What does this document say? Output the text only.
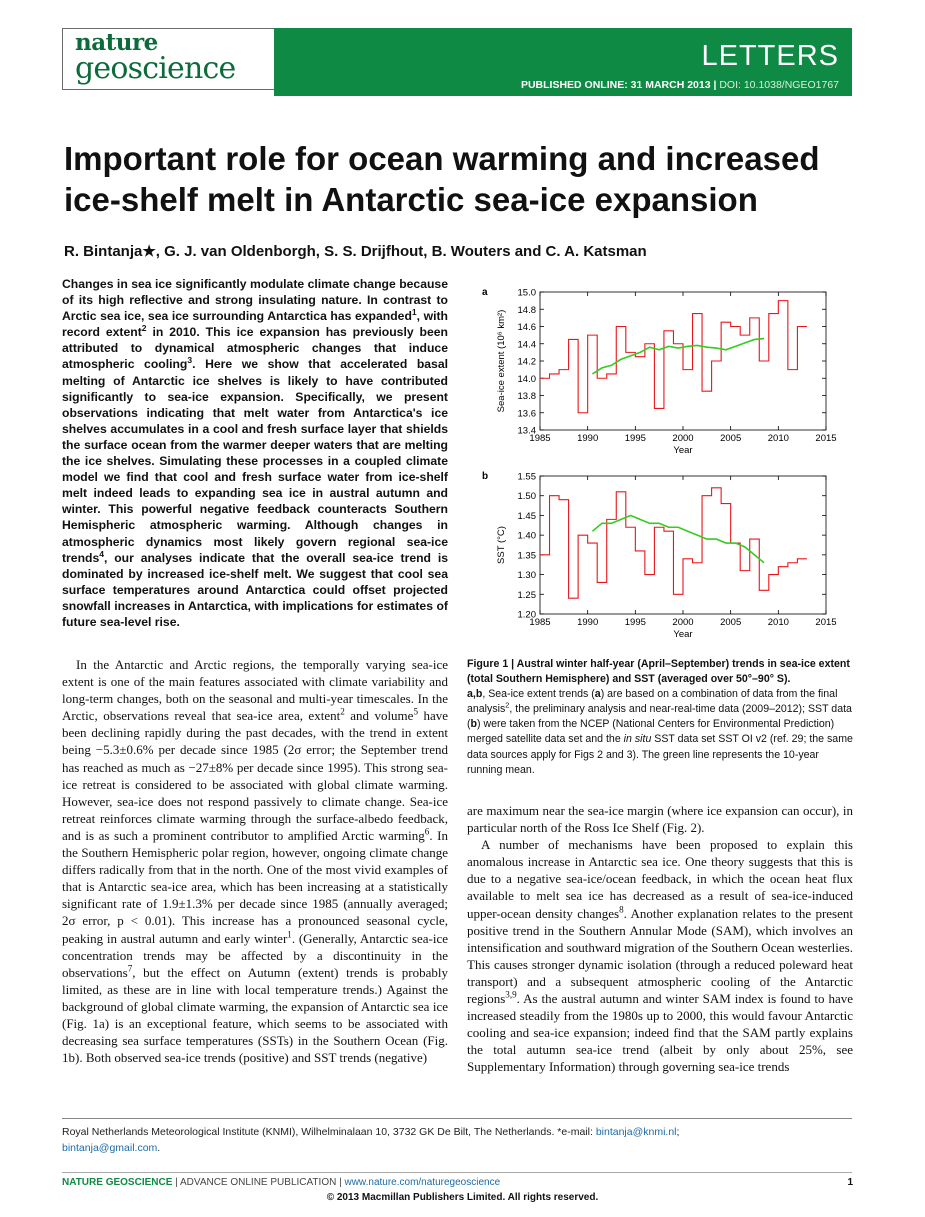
nature
geoscience	LETTERS
PUBLISHED ONLINE: 31 MARCH 2013 | DOI: 10.1038/NGEO1767
Important role for ocean warming and increased ice-shelf melt in Antarctic sea-ice expansion
R. Bintanja★, G. J. van Oldenborgh, S. S. Drijfhout, B. Wouters and C. A. Katsman
Changes in sea ice significantly modulate climate change because of its high reflective and strong insulating nature. In contrast to Arctic sea ice, sea ice surrounding Antarctica has expanded$^1$, with record extent$^2$ in 2010. This ice expansion has previously been attributed to dynamical atmospheric changes that induce atmospheric cooling$^3$. Here we show that accelerated basal melting of Antarctic ice shelves is likely to have contributed significantly to sea-ice expansion. Specifically, we present observations indicating that melt water from Antarctica's ice shelves accumulates in a cool and fresh surface layer that shields the surface ocean from the warmer deeper waters that are melting the ice shelves. Simulating these processes in a coupled climate model we find that cool and fresh surface water from ice-shelf melt indeed leads to expanding sea ice in austral autumn and winter. This powerful negative feedback counteracts Southern Hemispheric atmospheric warming. Although changes in atmospheric dynamics most likely govern regional sea-ice trends$^4$, our analyses indicate that the overall sea-ice trend is dominated by increased ice-shelf melt. We suggest that cool sea surface temperatures around Antarctica could offset projected snowfall increases in Antarctica, with implications for estimates of future sea-level rise.

In the Antarctic and Arctic regions, the temporally varying sea-ice extent is one of the main features associated with climate variability and long-term changes, both on the seasonal and multi-year timescales. In the Arctic, observations reveal that sea-ice area, extent$^2$ and volume$^5$ have been declining rapidly during the past decades, with the trend in extent being −5.3±0.6% per decade since 1985 (2σ error; the September trend has reached as much as −27±8% per decade since 1995). This strong sea-ice retreat is considered to be associated with global climate warming. However, sea-ice does not respond passively to climate change. Sea-ice retreat reinforces climate warming through the surface-albedo feedback, and is as such a prominent contributor to amplified Arctic warming$^6$. In the Southern Hemispheric polar region, however, ongoing climate change differs radically from that in the north. One of the most vivid examples of that is Antarctic sea-ice area, which has been increasing at a statistically significant rate of 1.9±1.3% per decade since 1985 (annually averaged; 2σ error, p < 0.01). This increase has a pronounced seasonal cycle, peaking in austral autumn and early winter$^1$. (Generally, Antarctic sea-ice concentration trends may be affected by a discontinuity in the observations$^7$, but the effect on Autumn (extent) trends is probably limited, as these are in line with local temperature trends.) Against the background of global climate warming, the expansion of Antarctic sea ice (Fig. 1a) is an exceptional feature, which seems to be associated with decreasing sea surface temperatures (SSTs) in the Southern Ocean (Fig. 1b). Both observed sea-ice trends (positive) and SST trends (negative)

a
13.4
13.6
13.8
14.0
14.2
14.4
14.6
14.8
15.0
1985	1990	1995	2000	2005	2010	2015
Year
Sea-ice extent (10⁶ km²)
b
1.20
1.25
1.30
1.35
1.40
1.45
1.50
1.55
1985	1990	1995	2000	2005	2010	2015
Year
SST (°C)
Figure 1 | Austral winter half-year (April–September) trends in sea-ice extent (total Southern Hemisphere) and SST (averaged over 50°–90° S).
a,b, Sea-ice extent trends (a) are based on a combination of data from the final analysis$^2$, the preliminary analysis and near-real-time data (2009–2012); SST data (b) were taken from the NCEP (National Centers for Environmental Prediction) merged satellite data set and the in situ SST data set SST OI v2 (ref. 29; the same data sources apply for Figs 2 and 3). The green line represents the 10-year running mean.

are maximum near the sea-ice margin (where ice expansion can occur), in particular north of the Ross Ice Shelf (Fig. 2).

A number of mechanisms have been proposed to explain this anomalous increase in Antarctic sea ice. One theory suggests that this is due to a negative sea-ice/ocean feedback, in which the ocean heat flux available to melt sea ice has decreased as a result of sea-ice-induced upper-ocean density changes$^8$. Another explanation relates to the present positive trend in the Southern Annular Mode (SAM), which involves an intensification and southward migration of the Southern Ocean westerlies. This causes stronger dynamic isolation (through a reduced poleward heat transport) and a subsequent atmospheric cooling of the Antarctic regions$^{3,9}$. As the austral autumn and winter SAM index is found to have increased steadily from the 1980s up to 2000, this would favour Antarctic cooling and sea-ice expansion; indeed find that the SAM partly explains the total autumn sea-ice trend (albeit by only about 25%, see Supplementary Information) through governing sea-ice trends

Royal Netherlands Meteorological Institute (KNMI), Wilhelminalaan 10, 3732 GK De Bilt, The Netherlands. *e-mail: bintanja@knmi.nl;
bintanja@gmail.com.
NATURE GEOSCIENCE | ADVANCE ONLINE PUBLICATION | www.nature.com/naturegeoscience	1
© 2013 Macmillan Publishers Limited. All rights reserved.
